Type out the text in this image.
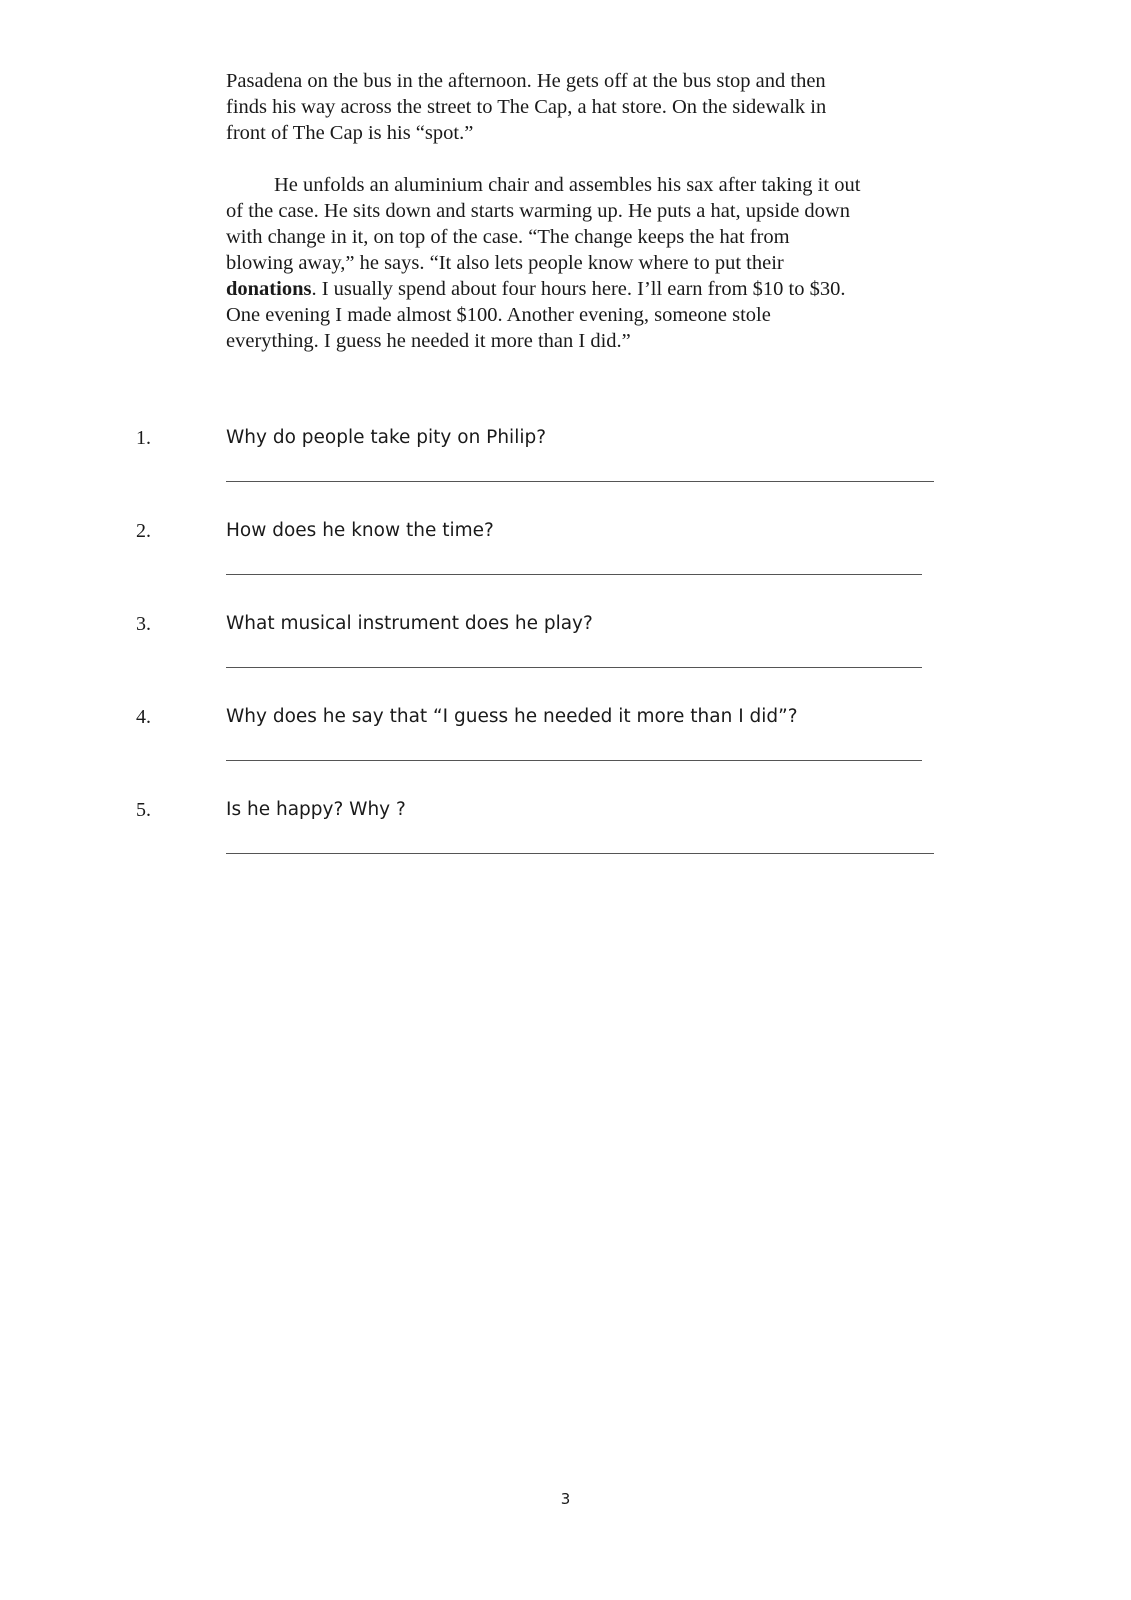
Pasadena on the bus in the afternoon. He gets off at the bus stop and then
finds his way across the street to The Cap, a hat store. On the sidewalk in
front of The Cap is his “spot.”

He unfolds an aluminium chair and assembles his sax after taking it out
of the case. He sits down and starts warming up. He puts a hat, upside down
with change in it, on top of the case. “The change keeps the hat from
blowing away,” he says. “It also lets people know where to put their
donations. I usually spend about four hours here. I’ll earn from $10 to $30.
One evening I made almost $100. Another evening, someone stole
everything. I guess he needed it more than I did.”

1.	Why do people take pity on Philip?
2.	How does he know the time?
3.	What musical instrument does he play?
4.	Why does he say that “I guess he needed it more than I did”?
5.	Is he happy? Why ?
3
